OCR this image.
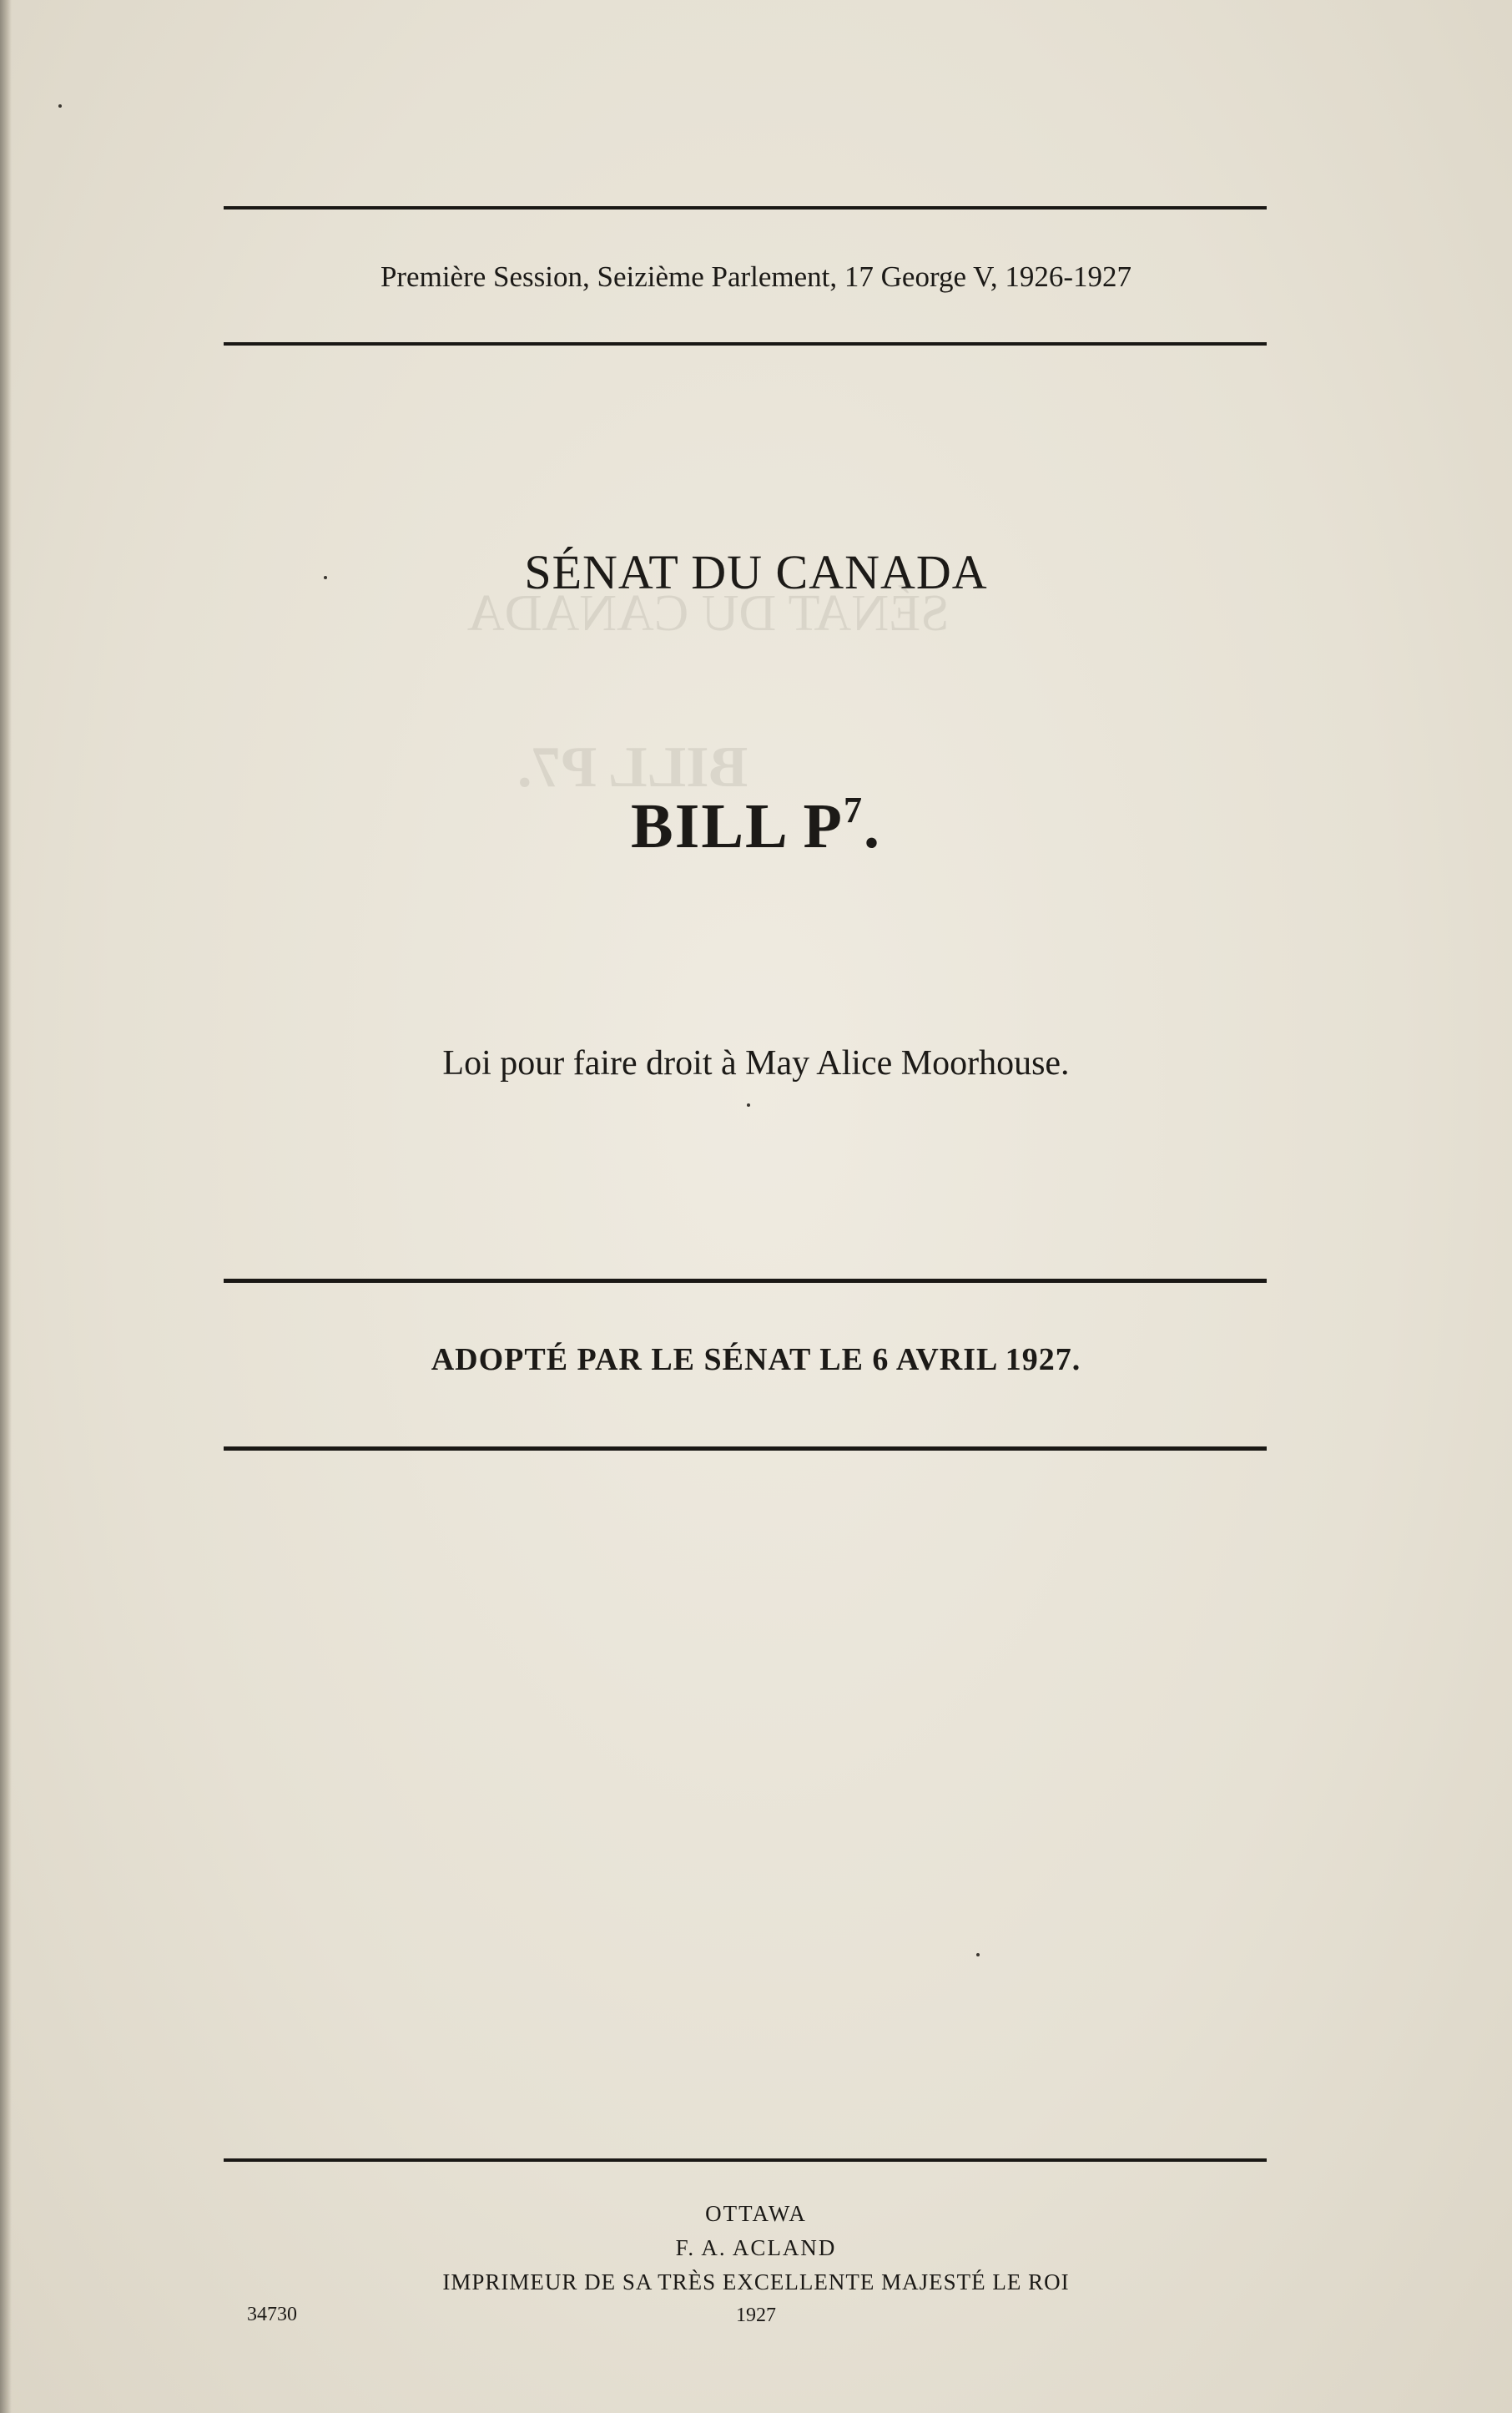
SÉNAT DU CANADA
BILL P7.
Première Session, Seizième Parlement, 17 George V, 1926-1927
SÉNAT DU CANADA
BILL $P^7$.
Loi pour faire droit à May Alice Moorhouse.
ADOPTÉ PAR LE SÉNAT LE 6 AVRIL 1927.
OTTAWA
F. A. ACLAND
IMPRIMEUR DE SA TRÈS EXCELLENTE MAJESTÉ LE ROI
1927
34730
